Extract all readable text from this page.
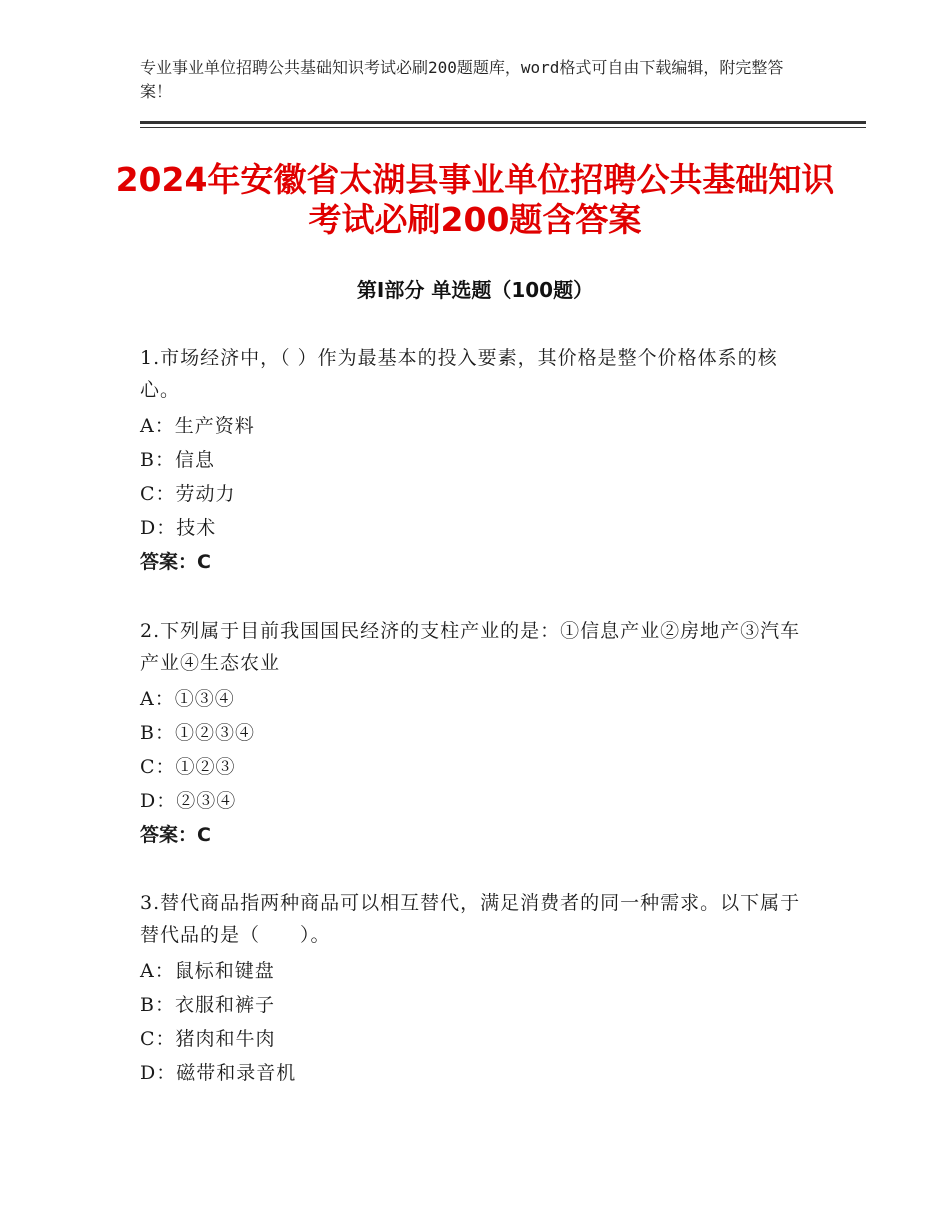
专业事业单位招聘公共基础知识考试必刷200题题库，word格式可自由下载编辑，附完整答案！
2024年安徽省太湖县事业单位招聘公共基础知识考试必刷200题含答案
第Ⅰ部分 单选题（100题）

1.市场经济中，（ ）作为最基本的投入要素，其价格是整个价格体系的核心。

A：生产资料

B：信息

C：劳动力

D：技术

答案：C

2.下列属于目前我国国民经济的支柱产业的是：①信息产业②房地产③汽车产业④生态农业

A：①③④

B：①②③④

C：①②③

D：②③④

答案：C

3.替代商品指两种商品可以相互替代，满足消费者的同一种需求。以下属于替代品的是（　　）。

A：鼠标和键盘

B：衣服和裤子

C：猪肉和牛肉

D：磁带和录音机
